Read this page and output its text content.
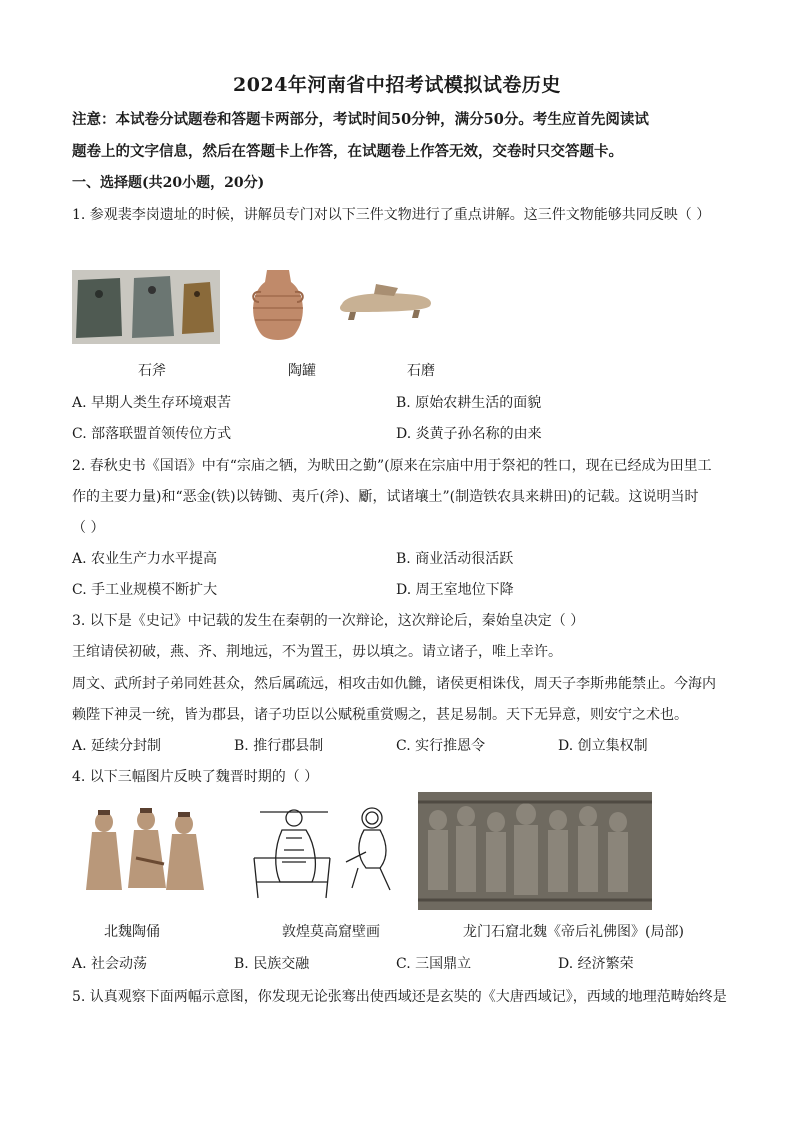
2024年河南省中招考试模拟试卷历史
注意：本试卷分试题卷和答题卡两部分，考试时间50分钟，满分50分。考生应首先阅读试
题卷上的文字信息，然后在答题卡上作答，在试题卷上作答无效，交卷时只交答题卡。
一、选择题(共20小题，20分)
1. 参观裴李岗遗址的时候，讲解员专门对以下三件文物进行了重点讲解。这三件文物能够共同反映（ ）
石斧	陶罐	石磨
A. 早期人类生存环境艰苦	B. 原始农耕生活的面貌
C. 部落联盟首领传位方式	D. 炎黄子孙名称的由来
2. 春秋史书《国语》中有“宗庙之牺，为畎田之勤”(原来在宗庙中用于祭祀的牲口，现在已经成为田里工
作的主要力量)和“恶金(铁)以铸锄、夷斤(斧)、斸，试诸壤土”(制造铁农具来耕田)的记载。这说明当时
（ ）
A. 农业生产力水平提高	B. 商业活动很活跃
C. 手工业规模不断扩大	D. 周王室地位下降
3. 以下是《史记》中记载的发生在秦朝的一次辩论，这次辩论后，秦始皇决定（ ）
王绾请侯初破，燕、齐、荆地远，不为置王，毋以填之。请立诸子，唯上幸许。
周文、武所封子弟同姓甚众，然后属疏远，相攻击如仇雠，诸侯更相诛伐，周天子李斯弗能禁止。今海内
赖陛下神灵一统，皆为郡县，诸子功臣以公赋税重赏赐之，甚足易制。天下无异意，则安宁之术也。
A. 延续分封制	B. 推行郡县制	C. 实行推恩令	D. 创立集权制
4. 以下三幅图片反映了魏晋时期的（ ）
北魏陶俑	敦煌莫高窟壁画	龙门石窟北魏《帝后礼佛图》(局部)
A. 社会动荡	B. 民族交融	C. 三国鼎立	D. 经济繁荣
5. 认真观察下面两幅示意图，你发现无论张骞出使西域还是玄奘的《大唐西域记》，西域的地理范畴始终是
